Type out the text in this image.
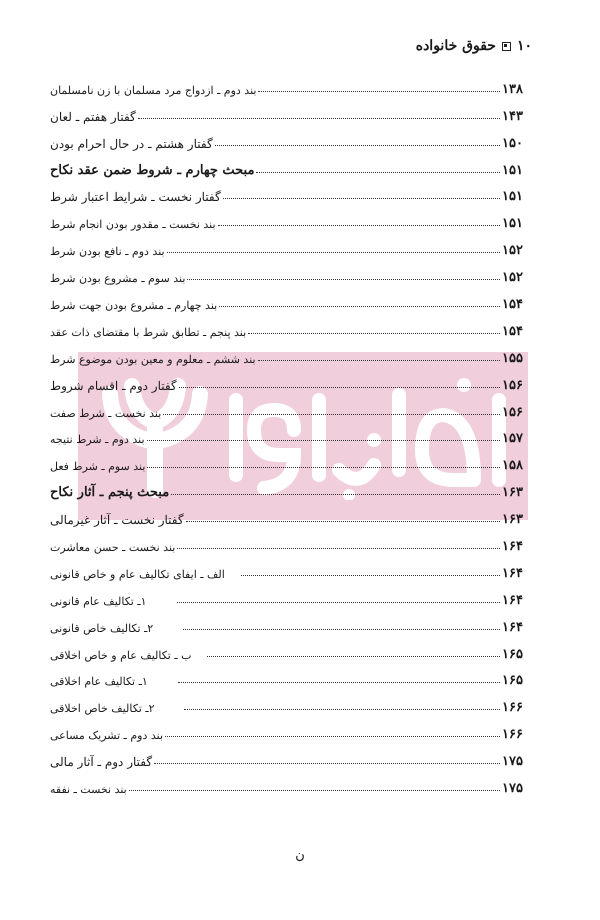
۱۰
حقوق خانواده
بند دوم ـ ازدواج مرد مسلمان با زن نامسلمان	۱۳۸
گفتار هفتم ـ لعان	۱۴۳
گفتار هشتم ـ در حال احرام بودن	۱۵۰
مبحث چهارم ـ شروط ضمن عقد نکاح	۱۵۱
گفتار نخست ـ شرایط اعتبار شرط	۱۵۱
بند نخست ـ مقدور بودن انجام شرط	۱۵۱
بند دوم ـ نافع بودن شرط	۱۵۲
بند سوم ـ مشروع بودن شرط	۱۵۲
بند چهارم ـ مشروع بودن جهت شرط	۱۵۴
بند پنجم ـ تطابق شرط با مقتضای ذات عقد	۱۵۴
بند ششم ـ معلوم و معین بودن موضوع شرط	۱۵۵
گفتار دوم ـ اقسام شروط	۱۵۶
بند نخست ـ شرط صفت	۱۵۶
بند دوم ـ شرط نتیجه	۱۵۷
بند سوم ـ شرط فعل	۱۵۸
مبحث پنجم ـ آثار نکاح	۱۶۳
گفتار نخست ـ آثار غیرمالی	۱۶۳
بند نخست ـ حسن معاشرت	۱۶۴
الف ـ ایفای تکالیف عام و خاص قانونی	۱۶۴
۱ـ تکالیف عام قانونی	۱۶۴
۲ـ تکالیف خاص قانونی	۱۶۴
ب ـ تکالیف عام و خاص اخلاقی	۱۶۵
۱ـ تکالیف عام اخلاقی	۱۶۵
۲ـ تکالیف خاص اخلاقی	۱۶۶
بند دوم ـ تشریک مساعی	۱۶۶
گفتار دوم ـ آثار مالی	۱۷۵
بند نخست ـ نفقه	۱۷۵
ن
